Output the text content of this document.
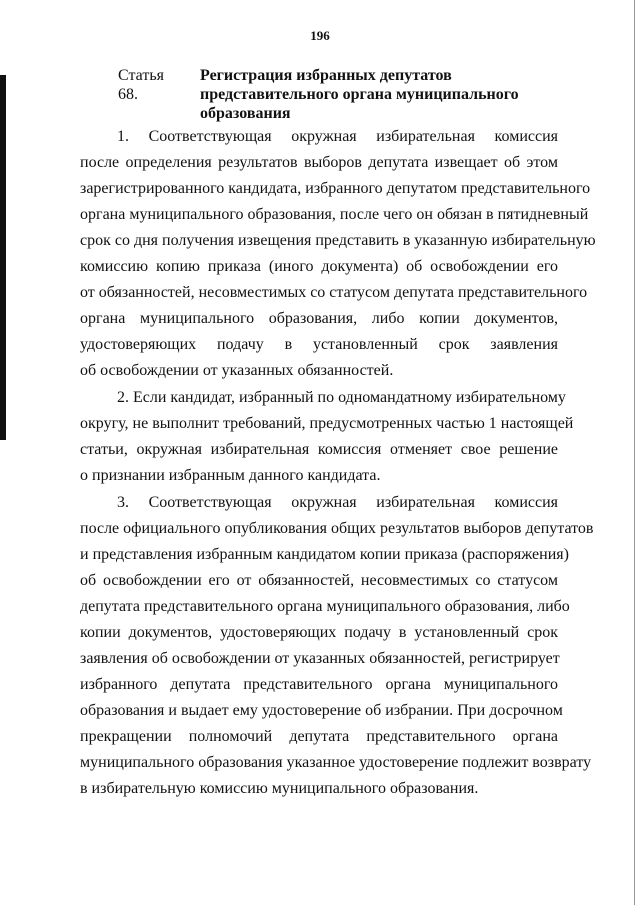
196
Статья 68.
Регистрация избранных депутатов
представительного органа муниципального
образования
1. Соответствующая окружная избирательная комиссия
после определения результатов выборов депутата извещает об этом
зарегистрированного кандидата, избранного депутатом представительного
органа муниципального образования, после чего он обязан в пятидневный
срок со дня получения извещения представить в указанную избирательную
комиссию копию приказа (иного документа) об освобождении его
от обязанностей, несовместимых со статусом депутата представительного
органа муниципального образования, либо копии документов,
удостоверяющих подачу в установленный срок заявления
об освобождении от указанных обязанностей.
2. Если кандидат, избранный по одномандатному избирательному
округу, не выполнит требований, предусмотренных частью 1 настоящей
статьи, окружная избирательная комиссия отменяет свое решение
о признании избранным данного кандидата.
3. Соответствующая окружная избирательная комиссия
после официального опубликования общих результатов выборов депутатов
и представления избранным кандидатом копии приказа (распоряжения)
об освобождении его от обязанностей, несовместимых со статусом
депутата представительного органа муниципального образования, либо
копии документов, удостоверяющих подачу в установленный срок
заявления об освобождении от указанных обязанностей, регистрирует
избранного депутата представительного органа муниципального
образования и выдает ему удостоверение об избрании. При досрочном
прекращении полномочий депутата представительного органа
муниципального образования указанное удостоверение подлежит возврату
в избирательную комиссию муниципального образования.
